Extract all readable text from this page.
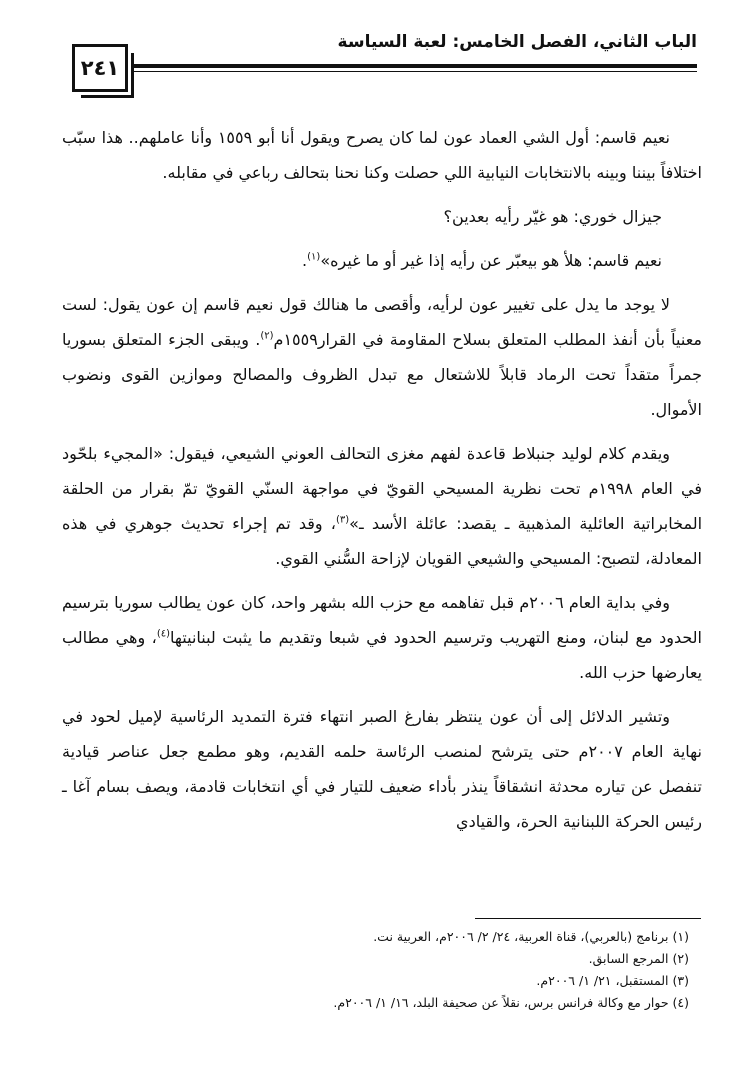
٢٤١
الباب الثاني، الفصل الخامس: لعبة السياسة

نعيم قاسم: أول الشي العماد عون لما كان يصرح ويقول أنا أبو ١٥٥٩ وأنا عاملهم.. هذا سبّب اختلافاً بيننا وبينه بالانتخابات النيابية اللي حصلت وكنا نحنا بتحالف رباعي في مقابله.

جيزال خوري: هو غيّر رأيه بعدين؟

نعيم قاسم: هلأ هو بيعبّر عن رأيه إذا غير أو ما غيره»$^{(١)}$.

لا يوجد ما يدل على تغيير عون لرأيه، وأقصى ما هنالك قول نعيم قاسم إن عون يقول: لست معنياً بأن أنفذ المطلب المتعلق بسلاح المقاومة في القرار١٥٥٩م$^{(٢)}$. ويبقى الجزء المتعلق بسوريا جمراً متقداً تحت الرماد قابلاً للاشتعال مع تبدل الظروف والمصالح وموازين القوى ونضوب الأموال.

ويقدم كلام لوليد جنبلاط قاعدة لفهم مغزى التحالف العوني الشيعي، فيقول: «المجيء بلحّود في العام ١٩٩٨م تحت نظرية المسيحي القويّ في مواجهة السنّي القويّ تمّ بقرار من الحلقة المخابراتية العائلية المذهبية ـ يقصد: عائلة الأسد ـ»$^{(٣)}$، وقد تم إجراء تحديث جوهري في هذه المعادلة، لتصبح: المسيحي والشيعي القويان لإزاحة السُّني القوي.

وفي بداية العام ٢٠٠٦م قبل تفاهمه مع حزب الله بشهر واحد، كان عون يطالب سوريا بترسيم الحدود مع لبنان، ومنع التهريب وترسيم الحدود في شبعا وتقديم ما يثبت لبنانيتها$^{(٤)}$، وهي مطالب يعارضها حزب الله.

وتشير الدلائل إلى أن عون ينتظر بفارغ الصبر انتهاء فترة التمديد الرئاسية لإميل لحود في نهاية العام ٢٠٠٧م حتى يترشح لمنصب الرئاسة حلمه القديم، وهو مطمع جعل عناصر قيادية تنفصل عن تياره محدثة انشقاقاً ينذر بأداء ضعيف للتيار في أي انتخابات قادمة، ويصف بسام آغا ـ رئيس الحركة اللبنانية الحرة، والقيادي

(١) برنامج (بالعربي)، قناة العربية، ٢٤/ ٢/ ٢٠٠٦م، العربية نت.
(٢) المرجع السابق.
(٣) المستقبل، ٢١/ ١/ ٢٠٠٦م.
(٤) حوار مع وكالة فرانس برس، نقلاً عن صحيفة البلد، ١٦/ ١/ ٢٠٠٦م.
